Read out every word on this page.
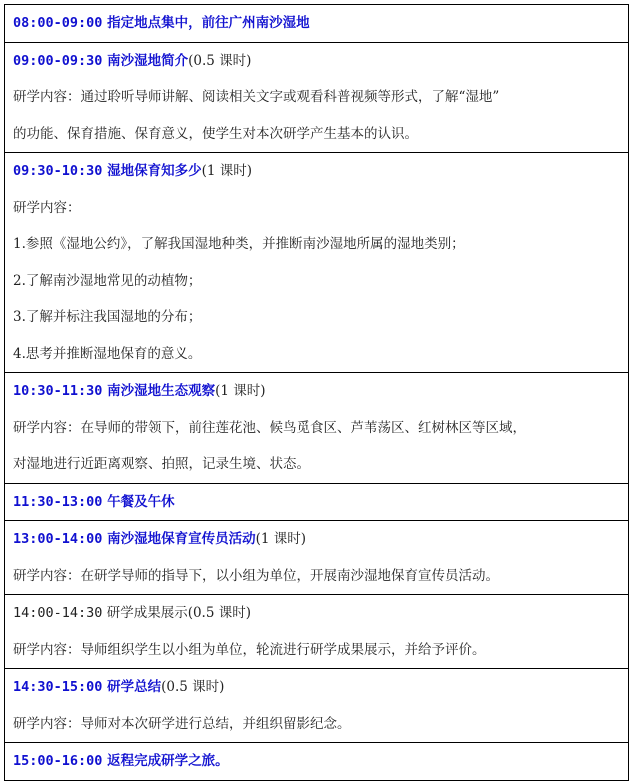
08:00-09:00 指定地点集中，前往广州南沙湿地
09:00-09:30 南沙湿地简介(0.5 课时)
研学内容：通过聆听导师讲解、阅读相关文字或观看科普视频等形式，了解“湿地”
的功能、保育措施、保育意义，使学生对本次研学产生基本的认识。
09:30-10:30 湿地保育知多少(1 课时)
研学内容：
1.参照《湿地公约》，了解我国湿地种类，并推断南沙湿地所属的湿地类别；
2.了解南沙湿地常见的动植物；
3.了解并标注我国湿地的分布；
4.思考并推断湿地保育的意义。
10:30-11:30 南沙湿地生态观察(1 课时)
研学内容：在导师的带领下，前往莲花池、候鸟觅食区、芦苇荡区、红树林区等区域，
对湿地进行近距离观察、拍照，记录生境、状态。
11:30-13:00 午餐及午休
13:00-14:00 南沙湿地保育宣传员活动(1 课时)
研学内容：在研学导师的指导下，以小组为单位，开展南沙湿地保育宣传员活动。
14:00-14:30 研学成果展示(0.5 课时)
研学内容：导师组织学生以小组为单位，轮流进行研学成果展示，并给予评价。
14:30-15:00 研学总结(0.5 课时)
研学内容：导师对本次研学进行总结，并组织留影纪念。
15:00-16:00 返程完成研学之旅。
